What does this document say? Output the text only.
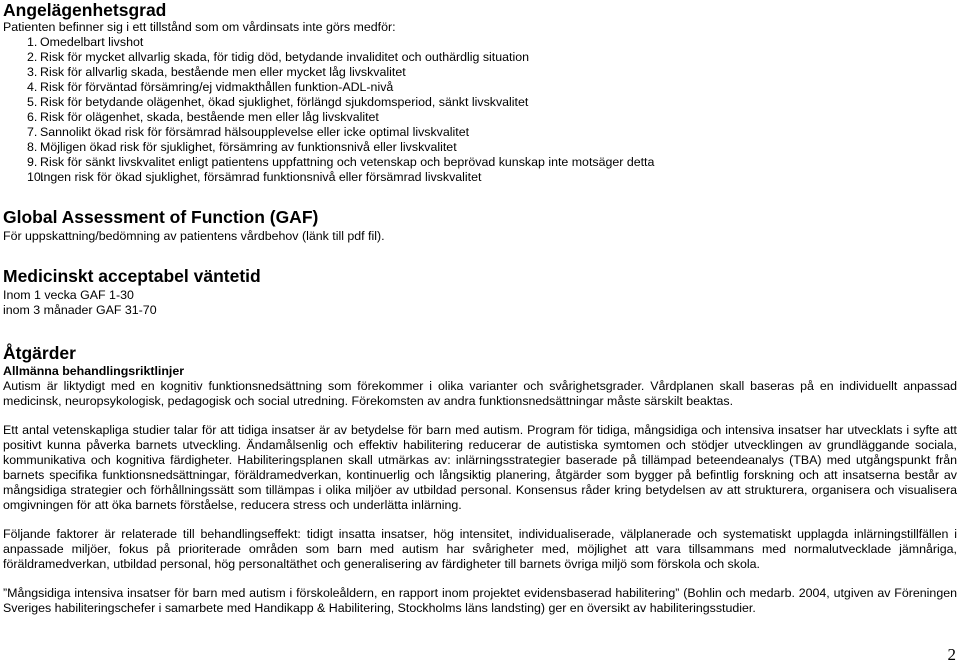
Angelägenhetsgrad

Patienten befinner sig i ett tillstånd som om vårdinsats inte görs medför:

1. Omedelbart livshot
2. Risk för mycket allvarlig skada, för tidig död, betydande invaliditet och outhärdlig situation
3. Risk för allvarlig skada, bestående men eller mycket låg livskvalitet
4. Risk för förväntad försämring/ej vidmakthållen funktion-ADL-nivå
5. Risk för betydande olägenhet, ökad sjuklighet, förlängd sjukdomsperiod, sänkt livskvalitet
6. Risk för olägenhet, skada, bestående men eller låg livskvalitet
7. Sannolikt ökad risk för försämrad hälsoupplevelse eller icke optimal livskvalitet
8. Möjligen ökad risk för sjuklighet, försämring av funktionsnivå eller livskvalitet
9. Risk för sänkt livskvalitet enligt patientens uppfattning och vetenskap och beprövad kunskap inte motsäger detta
10.
Ingen risk för ökad sjuklighet, försämrad funktionsnivå eller försämrad livskvalitet
Global Assessment of Function (GAF)

För uppskattning/bedömning av patientens vårdbehov (länk till pdf fil).

Medicinskt acceptabel väntetid

Inom 1 vecka GAF 1-30

inom 3 månader GAF 31-70

Åtgärder

Allmänna behandlingsriktlinjer

Autism är liktydigt med en kognitiv funktionsnedsättning som förekommer i olika varianter och svårighetsgrader. Vårdplanen skall baseras på en individuellt anpassad medicinsk, neuropsykologisk, pedagogisk och social utredning. Förekomsten av andra funktionsnedsättningar måste särskilt beaktas.

Ett antal vetenskapliga studier talar för att tidiga insatser är av betydelse för barn med autism. Program för tidiga, mångsidiga och intensiva insatser har utvecklats i syfte att positivt kunna påverka barnets utveckling. Ändamålsenlig och effektiv habilitering reducerar de autistiska symtomen och stödjer utvecklingen av grundläggande sociala, kommunikativa och kognitiva färdigheter. Habiliteringsplanen skall utmärkas av: inlärningsstrategier baserade på tillämpad beteendeanalys (TBA) med utgångspunkt från barnets specifika funktionsnedsättningar, föräldramedverkan, kontinuerlig och långsiktig planering, åtgärder som bygger på befintlig forskning och att insatserna består av mångsidiga strategier och förhållningssätt som tillämpas i olika miljöer av utbildad personal. Konsensus råder kring betydelsen av att strukturera, organisera och visualisera omgivningen för att öka barnets förståelse, reducera stress och underlätta inlärning.

Följande faktorer är relaterade till behandlingseffekt: tidigt insatta insatser, hög intensitet, individualiserade, välplanerade och systematiskt upplagda inlärningstillfällen i anpassade miljöer, fokus på prioriterade områden som barn med autism har svårigheter med, möjlighet att vara tillsammans med normalutvecklade jämnåriga, föräldramedverkan, utbildad personal, hög personaltäthet och generalisering av färdigheter till barnets övriga miljö som förskola och skola.

”Mångsidiga intensiva insatser för barn med autism i förskoleåldern, en rapport inom projektet evidensbaserad habilitering” (Bohlin och medarb. 2004, utgiven av Föreningen Sveriges habiliteringschefer i samarbete med Handikapp & Habilitering, Stockholms läns landsting) ger en översikt av habiliteringsstudier.

2
